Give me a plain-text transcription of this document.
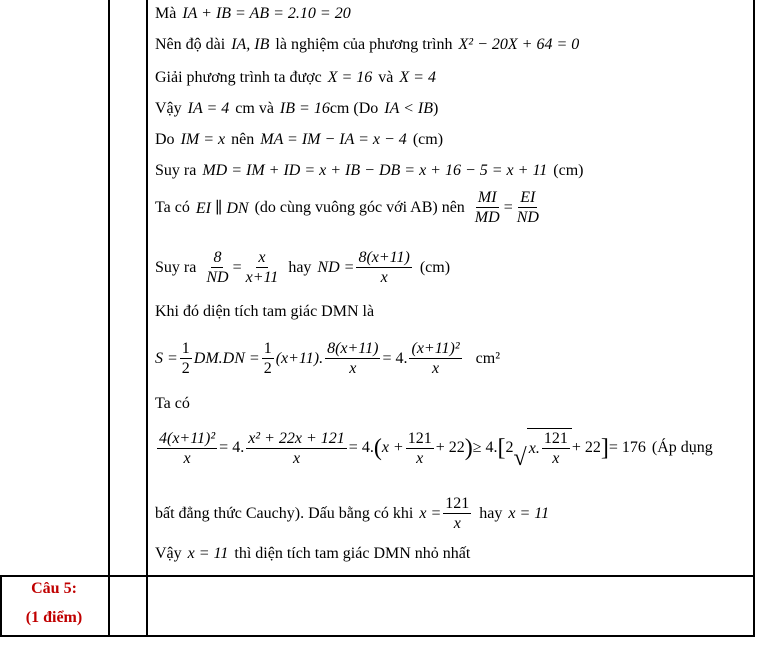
Câu 5:
(1 điểm)
Mà IA + IB = AB = 2.10 = 20
Nên độ dài IA, IB là nghiệm của phương trình X² − 20X + 64 = 0
Giải phương trình ta được X = 16 và X = 4
Vậy IA = 4 cm và IB = 16 cm (Do IA < IB )
Do IM = x nên MA = IM − IA = x − 4 (cm)
Suy ra MD = IM + ID = x + IB − DB = x + 16 − 5 = x + 11 (cm)
Ta có EI ∥ DN (do cùng vuông góc với AB) nên $\frac{MI}{MD} = \frac{EI}{ND}$
Suy ra $\frac{8}{ND} = \frac{x}{x+11}$ hay ND = $\frac{8(x+11)}{x} (cm)$
Khi đó diện tích tam giác DMN là
$S = \frac{1}{2} DM.DN = \frac{1}{2} (x+11)$. $\frac{8(x+11)}{x} = 4$. $\frac{\text{(x+11)²}}{x} cm^2$
Ta có
$\frac{\text{4(x+11)²}}{x} = 4$. $\frac{\text{x² + 22x + 121}}{x} = 4$. ( $x + \frac{121}{x} + 22$ ) ≥ 4. [ 2 √ x. $\frac{121}{x} + 22$ ] = 176 (Áp dụng
bất đẳng thức Cauchy). Dấu bằng có khi $x = \frac{121}{x}$ hay x = 11
Vậy x = 11 thì diện tích tam giác DMN nhỏ nhất
